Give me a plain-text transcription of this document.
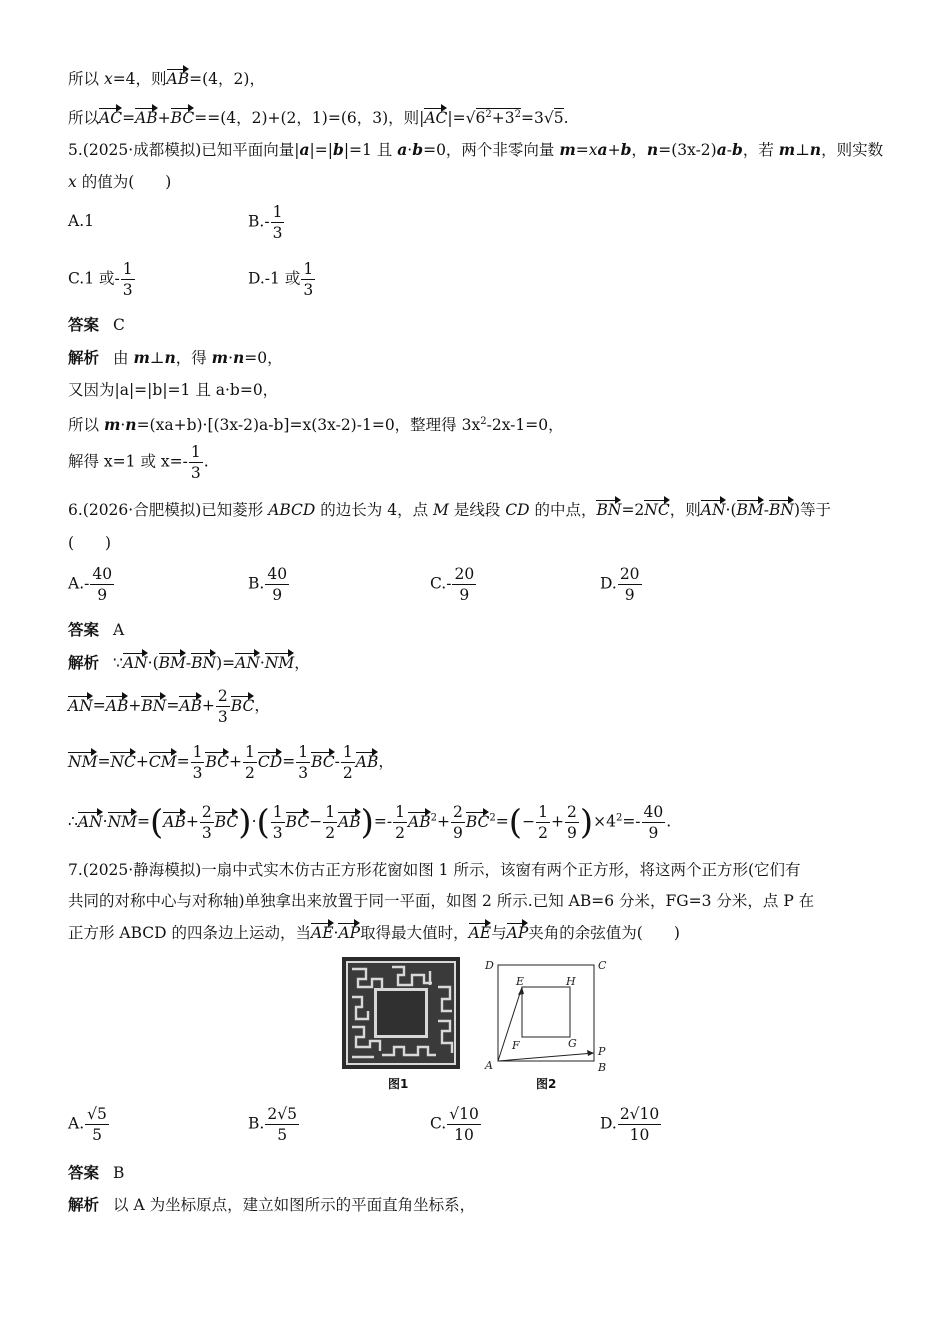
所以 x=4，则AB=(4，2)，
所以AC=AB+BC==(4，2)+(2，1)=(6，3)，则$|AC|=√6^2+3^2=3√5$.
5.(2025·成都模拟)已知平面向量|a|=|b|=1 且 a·b=0，两个非零向量 m=xa+b，n=(3x-2)a-b，若 m⊥n，则实数
x 的值为(　　)
A.1	$B.- \frac{1}{3}$
C.1 或- $\frac{1}{3}$	D.-1 或 $\frac{1}{3}$
答案 C
解析 由 m⊥n，得 m·n=0，
又因为|a|=|b|=1 且 a·b=0，
所以 m·n=(xa+b)·[(3x-2)a-b]=x(3x-2)-1=0，整理得 $3x^2-2x-1=0$，
解得 x=1 或 $x=- \frac{1}{3}$ .
6.(2026·合肥模拟)已知菱形 ABCD 的边长为 4，点 M 是线段 CD 的中点，BN=2NC，则AN·(BM-BN)等于
(　　)
$A.- \frac{40}{9}$	B. $\frac{40}{9}$	$C.- \frac{20}{9}$	D. $\frac{20}{9}$
答案 A
解析 ∵AN·(BM-BN)=AN·NM，
$AN=AB+BN=AB+ \frac{2}{3}$ BC，
$NM=NC+CM= \frac{1}{3} BC+ \frac{1}{2} CD= \frac{1}{3} BC- \frac{1}{2}$ AB，
∴AN·NM=(AB+ $\frac{2}{3} BC)\cdot( \frac{1}{3} BC- \frac{1}{2} AB)=- \frac{1}{2} AB^2+ \frac{2}{9} BC^2=(- \frac{1}{2} + \frac{2}{9} )\times 4^2=- \frac{40}{9}$ .
7.(2025·静海模拟)一扇中式实木仿古正方形花窗如图 1 所示，该窗有两个正方形，将这两个正方形(它们有
共同的对称中心与对称轴)单独拿出来放置于同一平面，如图 2 所示.已知 AB=6 分米，FG=3 分米，点 P 在
正方形 ABCD 的四条边上运动，当AE·AP取得最大值时，AE与AP夹角的余弦值为(　　)
图1
D	C
E	H
F	G
P
A	B
图2
A. $\frac{√5}{5}$	B. $\frac{2√5}{5}$	C. $\frac{√10}{10}$	D. $\frac{2√10}{10}$
答案 B
解析 以 A 为坐标原点，建立如图所示的平面直角坐标系，
